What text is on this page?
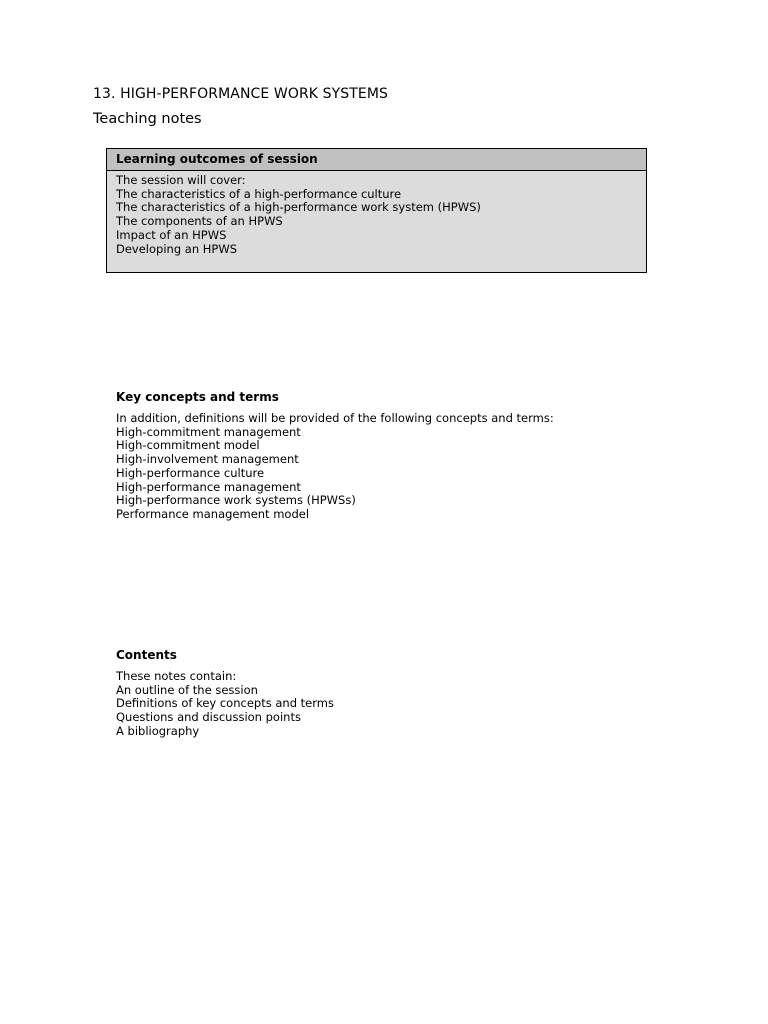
13. HIGH-PERFORMANCE WORK SYSTEMS
Teaching notes
Learning outcomes of session
The session will cover:
The characteristics of a high-performance culture
The characteristics of a high-performance work system (HPWS)
The components of an HPWS
Impact of an HPWS
Developing an HPWS
Key concepts and terms
In addition, definitions will be provided of the following concepts and terms:
High-commitment management
High-commitment model
High-involvement management
High-performance culture
High-performance management
High-performance work systems (HPWSs)
Performance management model
Contents
These notes contain:
An outline of the session
Definitions of key concepts and terms
Questions and discussion points
A bibliography
